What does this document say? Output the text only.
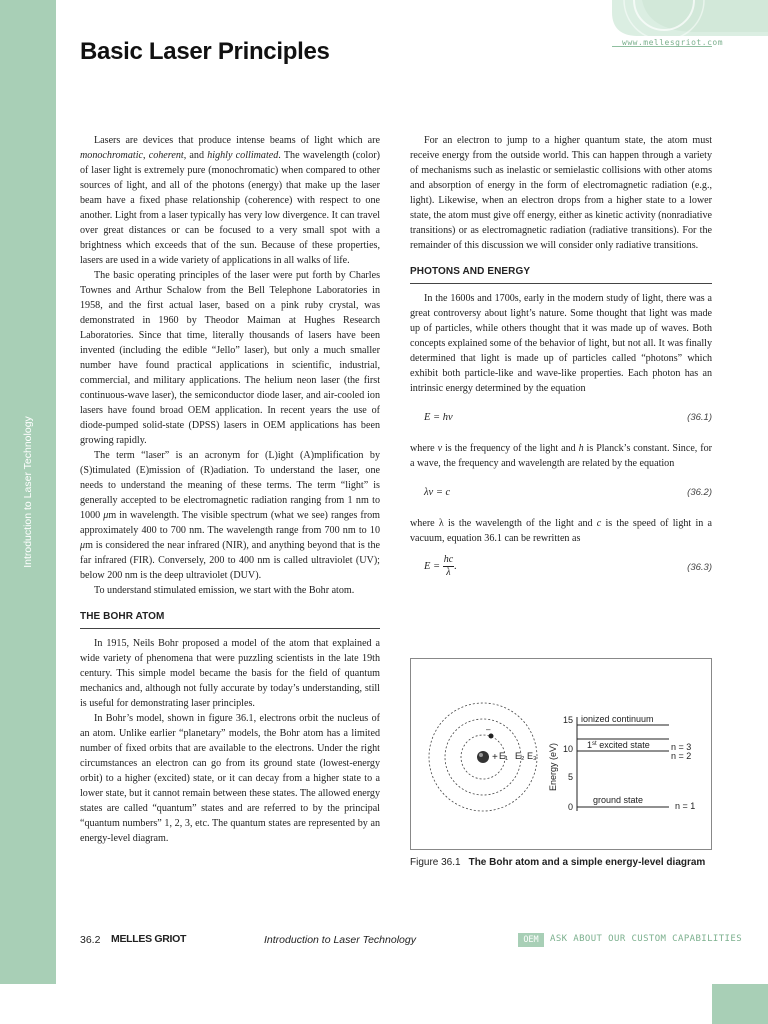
Introduction to Laser Technology
www.mellesgriot.com
Basic Laser Principles

Lasers are devices that produce intense beams of light which are monochromatic, coherent, and highly collimated. The wavelength (color) of laser light is extremely pure (monochromatic) when compared to other sources of light, and all of the photons (energy) that make up the laser beam have a fixed phase relationship (coherence) with respect to one another. Light from a laser typically has very low divergence. It can travel over great distances or can be focused to a very small spot with a brightness which exceeds that of the sun. Because of these properties, lasers are used in a wide variety of applications in all walks of life.

The basic operating principles of the laser were put forth by Charles Townes and Arthur Schalow from the Bell Telephone Laboratories in 1958, and the first actual laser, based on a pink ruby crystal, was demonstrated in 1960 by Theodor Maiman at Hughes Research Laboratories. Since that time, literally thousands of lasers have been invented (including the edible “Jello” laser), but only a much smaller number have found practical applications in scientific, industrial, commercial, and military applications. The helium neon laser (the first continuous-wave laser), the semiconductor diode laser, and air-cooled ion lasers have found broad OEM application. In recent years the use of diode-pumped solid-state (DPSS) lasers in OEM applications has been growing rapidly.

The term “laser” is an acronym for (L)ight (A)mplification by (S)timulated (E)mission of (R)adiation. To understand the laser, one needs to understand the meaning of these terms. The term “light” is generally accepted to be electromagnetic radiation ranging from 1 nm to 1000 μm in wavelength. The visible spectrum (what we see) ranges from approximately 400 to 700 nm. The wavelength range from 700 nm to 10 μm is considered the near infrared (NIR), and anything beyond that is the far infrared (FIR). Conversely, 200 to 400 nm is called ultraviolet (UV); below 200 nm is the deep ultraviolet (DUV).

To understand stimulated emission, we start with the Bohr atom.

THE BOHR ATOM

In 1915, Neils Bohr proposed a model of the atom that explained a wide variety of phenomena that were puzzling scientists in the late 19th century. This simple model became the basis for the field of quantum mechanics and, although not fully accurate by today’s understanding, still is useful for demonstrating laser principles.

In Bohr’s model, shown in figure 36.1, electrons orbit the nucleus of an atom. Unlike earlier “planetary” models, the Bohr atom has a limited number of fixed orbits that are available to the electrons. Under the right circumstances an electron can go from its ground state (lowest-energy orbit) to a higher (excited) state, or it can decay from a higher state to a lower state, but it cannot remain between these states. The allowed energy states are called “quantum” states and are referred to by the principal “quantum numbers” 1, 2, 3, etc. The quantum states are represented by an energy-level diagram.

For an electron to jump to a higher quantum state, the atom must receive energy from the outside world. This can happen through a variety of mechanisms such as inelastic or semielastic collisions with other atoms and absorption of energy in the form of electromagnetic radiation (e.g., light). Likewise, when an electron drops from a higher state to a lower state, the atom must give off energy, either as kinetic activity (nonradiative transitions) or as electromagnetic radiation (radiative transitions). For the remainder of this discussion we will consider only radiative transitions.

PHOTONS AND ENERGY

In the 1600s and 1700s, early in the modern study of light, there was a great controversy about light’s nature. Some thought that light was made up of particles, while others thought that it was made up of waves. Both concepts explained some of the behavior of light, but not all. It was finally determined that light is made up of particles called “photons” which exhibit both particle-like and wave-like properties. Each photon has an intrinsic energy determined by the equation

E = hν	(36.1)

where ν is the frequency of the light and h is Planck’s constant. Since, for a wave, the frequency and wavelength are related by the equation

λν = c	(36.2)

where λ is the wavelength of the light and c is the speed of light in a vacuum, equation 36.1 can be rewritten as

$E = \frac{hc}{\lambda}$ .	(36.3)
+
–
E₁ E₂ E₃ Energy (eV)
15
10
5
0
ionized continuum
1st excited state n = 3
n = 2
ground state
n = 1
Figure 36.1 The Bohr atom and a simple energy-level diagram
36.2 MELLES GRIOT	Introduction to Laser Technology	OEM	ASK ABOUT OUR CUSTOM CAPABILITIES
